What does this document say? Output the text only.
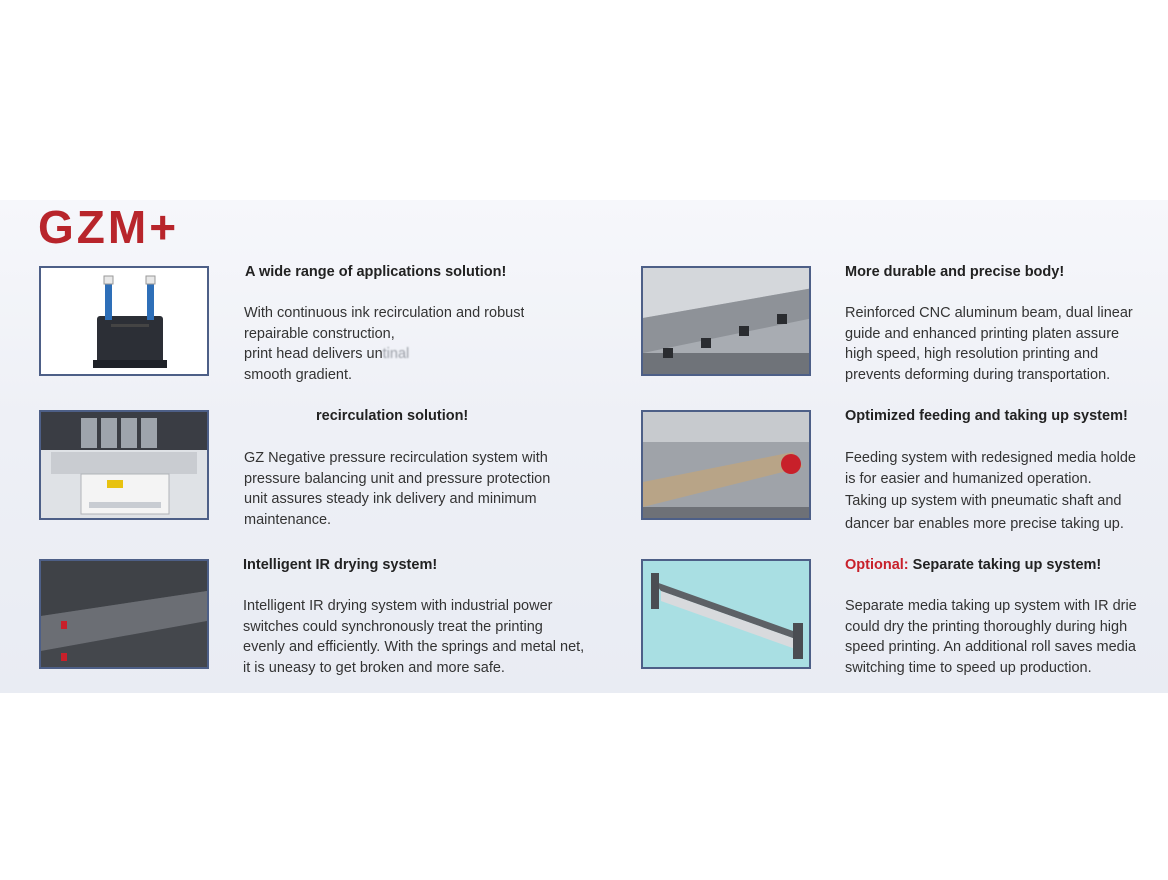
GZM+
A wide range of applications solution!
With continuous ink recirculation and robust
repairable construction,
print head delivers untinal
smooth gradient.
recirculation solution!
GZ Negative pressure recirculation system with
pressure balancing unit and pressure protection
unit assures steady ink delivery and minimum
maintenance.
Intelligent IR drying system!
Intelligent IR drying system with industrial power
switches could synchronously treat the printing
evenly and efficiently. With the springs and metal net,
it is uneasy to get broken and more safe.
More durable and precise body!
Reinforced CNC aluminum beam, dual linear
guide and enhanced printing platen assure
high speed, high resolution printing and
prevents deforming during transportation.
Optimized feeding and taking up system!
Feeding system with redesigned media holde
is for easier and humanized operation.
Taking up system with pneumatic shaft and
dancer bar enables more precise taking up.
Optional: Separate taking up system!
Separate media taking up system with IR drie
could dry the printing thoroughly during high
speed printing. An additional roll saves media
switching time to speed up production.
